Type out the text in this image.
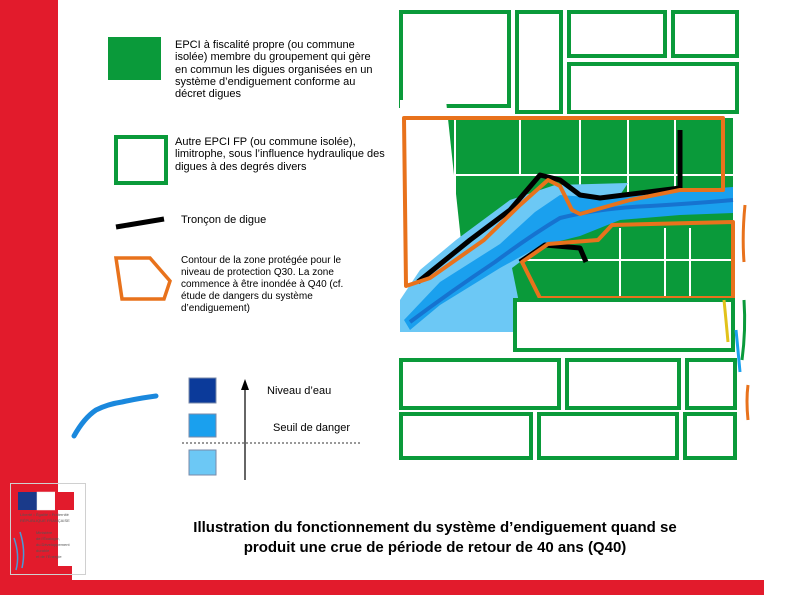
Liberté • Égalité • Fraternité
RÉPUBLIQUE FRANÇAISE
Ministère
de l’Écologie,
du Développement
durable
et de l’Énergie
EPCI à fiscalité propre (ou commune isolée) membre du groupement qui gère en commun les digues organisées en un système d’endiguement conforme au décret digues
Autre EPCI FP (ou commune isolée), limitrophe, sous l’influence hydraulique des digues à des degrés divers
Tronçon de digue
Contour de la zone protégée pour le niveau de protection Q30. La zone commence à être inondée à Q40 (cf. étude de dangers du système d’endiguement)
Niveau d’eau
Seuil de danger
Illustration du fonctionnement du système d’endiguement quand se
produit une crue de période de retour de 40 ans (Q40)
